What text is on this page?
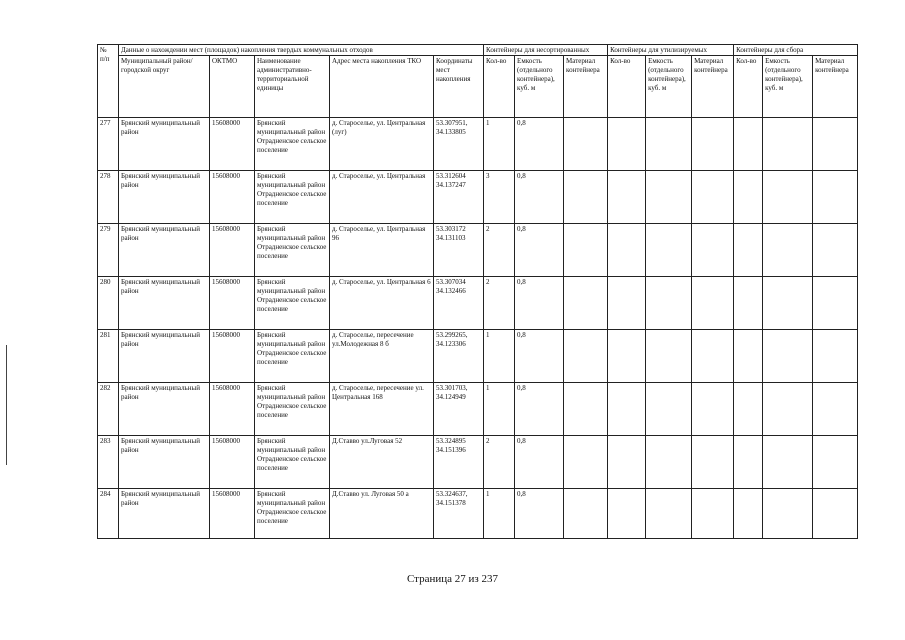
№
п/п	Данные о нахождении мест (площадок) накопления твердых коммунальных отходов					Контейнеры для несортированных			Контейнеры для утилизируемых			Контейнеры для сбора		
	Муниципальный район/городской округ	ОКТМО	Наименование административно-территориальной единицы	Адрес места накопления ТКО	Координаты мест накопления	Кол-во	Емкость (отдельного контейнера), куб. м	Материал контейнера	Кол-во	Емкость (отдельного контейнера), куб. м	Материал контейнера	Кол-во	Емкость (отдельного контейнера), куб. м	Материал контейнера
277	Брянский муниципальный район	15608000	Брянский муниципальный район Отрадненское сельское поселение	д. Староселье, ул. Центральная (луг)	53.307951, 34.133805	1	0,8							
278	Брянский муниципальный район	15608000	Брянский муниципальный район Отрадненское сельское поселение	д. Староселье, ул. Центральная	53.312604 34.137247	3	0,8							
279	Брянский муниципальный район	15608000	Брянский муниципальный район Отрадненское сельское поселение	д. Староселье, ул. Центральная 96	53.303172 34.131103	2	0,8							
280	Брянский муниципальный район	15608000	Брянский муниципальный район Отрадненское сельское поселение	д. Староселье, ул. Центральная 6	53.307034 34.132466	2	0,8							
281	Брянский муниципальный район	15608000	Брянский муниципальный район Отрадненское сельское поселение	д. Староселье, пересечение ул.Молодежная 8 б	53.299265, 34.123306	1	0,8							
282	Брянский муниципальный район	15608000	Брянский муниципальный район Отрадненское сельское поселение	д. Староселье, пересечение ул. Центральная 168	53.301703, 34.124949	1	0,8							
283	Брянский муниципальный район	15608000	Брянский муниципальный район Отрадненское сельское поселение	Д.Ставво ул.Луговая 52	53.324895 34.151396	2	0,8							
284	Брянский муниципальный район	15608000	Брянский муниципальный район Отрадненское сельское поселение	Д.Ставво ул. Луговая 50 а	53.324637, 34.151378	1	0,8							
Страница 27 из 237
